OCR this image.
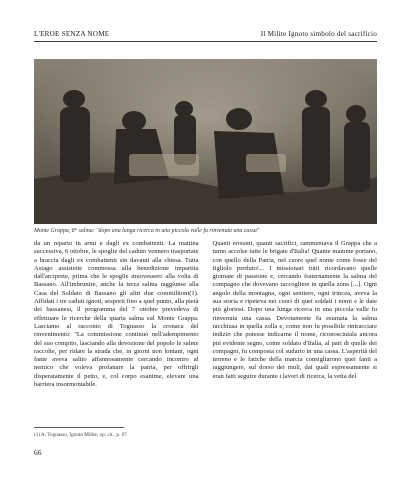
L'EROE SENZA NOME	Il Milite Ignoto simbolo del sacrificio
Monte Grappa, 8° salma: "dopo una lunga ricerca in una piccola valle fu rinvenuta una cassa"
da un reparto in armi e dagli ex combattenti. La mattina successiva, 6 ottobre, le spoglie del caduto vennero trasportate a braccia dagli ex combattenti sin davanti alla chiesa. Tutta Asiago assistette commossa alla benedizione impartita dall'arciprete, prima che le spoglie muovessero alla volta di Bassano. All'imbrunire, anche la terza salma raggiunse alla Casa del Soldato di Bassano gli altri due commilitoni(1). Affidati i tre caduti ignoti, sesporti fino a quel punto, alla pietà dei bassanesi, il programma del 7 ottobre prevedeva di effettuare le ricerche della quarta salma sul Monte Grappa. Lasciamo al racconto di Tognasso la cronaca del rinvenimento: "La commissione continuò nell'adempimento del suo compito, lasciando alla devozione del popolo le salme raccolte, per ridare la strada che, in giorni non lontani, ogni fante aveva salito affannosamente cercando incontro al nemico che voleva profanare la patria, per offrirgli disperatamente il petto, e, col corpo esanime, elevare una barriera insormontabile.
Quanti eroismi, quanti sacrifici, rammentava il Grappa che a turno accolse tutte le brigate d'Italia! Quante mamme portano, con quello della Patria, nel cuore quel nome come fosse del figliolo perduto!... I missionari tutti ricordavano quelle giornate di passione e, cercando fraternamente la salma del compagno che dovevano raccogliere in quella zona [...]. Ogni angolo della montagna, ogni sentiero, ogni trincea, aveva la sua storia e ripeteva nei cuori di quei soldati i nomi e le date più gloriosi. Dopo una lunga ricerca in una piccola valle fu rinvenuta una cassa. Devotamente fu esumata la salma racchiusa in quella zolla e, come non fu possibile rintracciare indizio che potesse indicarne il nome, riconosciutala ancora più evidente segno, come soldato d'Italia, al pari di quelle dei compagni, fu composta col sudario in una cassa. L'asperità del terreno e le fatiche della marcia consigliarono quei fanti a raggiungere, sul dorso dei muli, dai quali espressamente si eran fatti seguire durante i lavori di ricerca, la vetta del
(1) A. Tognasso, Ignoto Milite, op. cit., p. 67.
66
